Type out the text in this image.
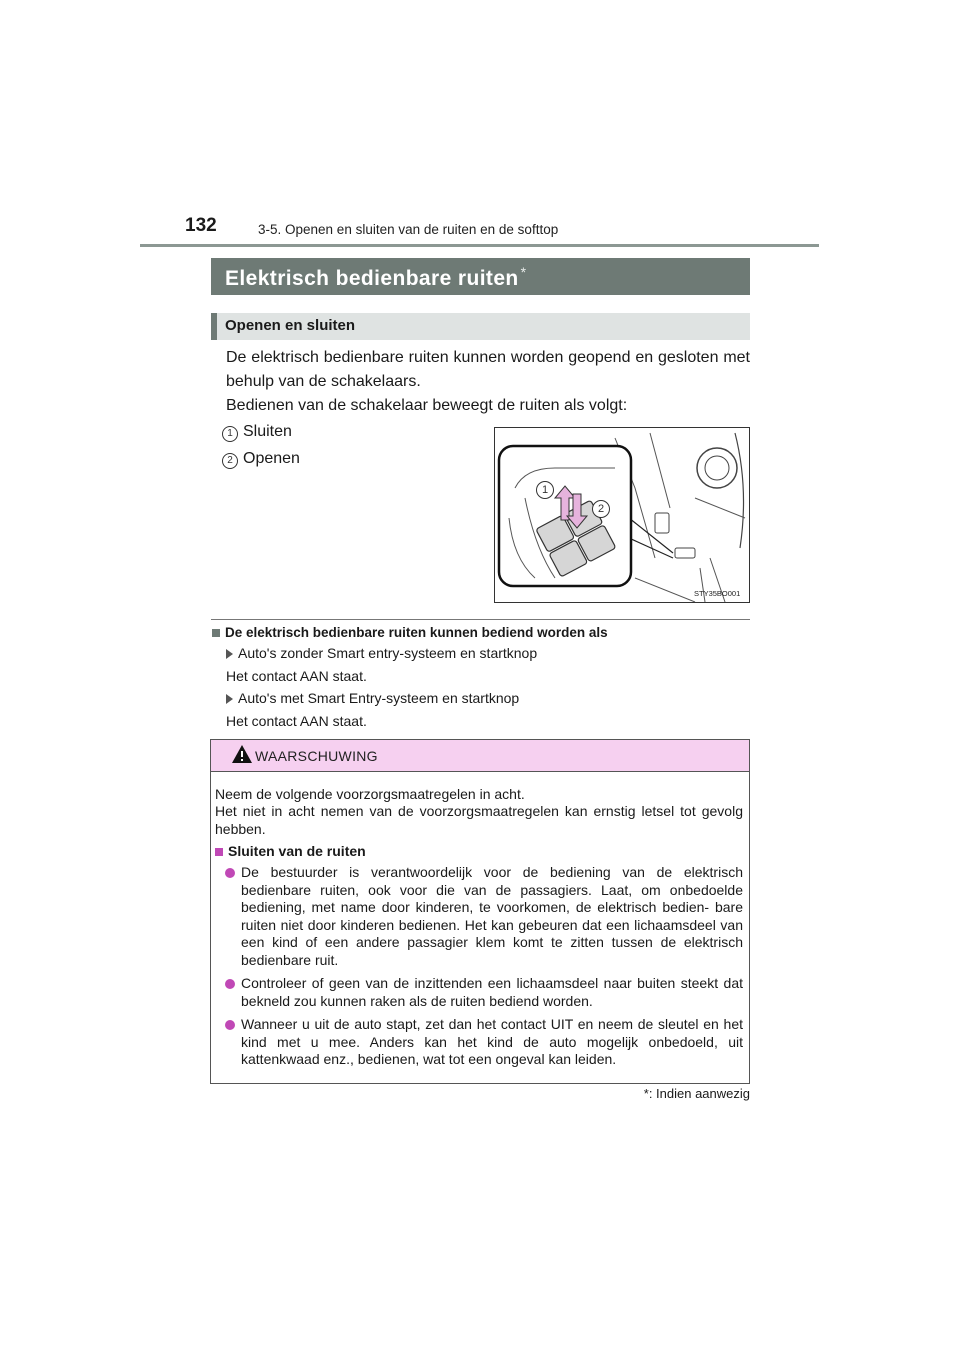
132	3-5. Openen en sluiten van de ruiten en de softtop
Elektrisch bedienbare ruiten *
Openen en sluiten
De elektrisch bedienbare ruiten kunnen worden geopend en gesloten met behulp van de schakelaars.
Bedienen van de schakelaar beweegt de ruiten als volgt:
1 Sluiten
2 Openen
1
2
STY35BO001
De elektrisch bedienbare ruiten kunnen bediend worden als
Auto's zonder Smart entry-systeem en startknop
Het contact AAN staat.
Auto's met Smart Entry-systeem en startknop
Het contact AAN staat.
WAARSCHUWING
Neem de volgende voorzorgsmaatregelen in acht.
Het niet in acht nemen van de voorzorgsmaatregelen kan ernstig letsel tot gevolg hebben.
Sluiten van de ruiten
De bestuurder is verantwoordelijk voor de bediening van de elektrisch bedienbare ruiten, ook voor die van de passagiers. Laat, om onbedoelde bediening, met name door kinderen, te voorkomen, de elektrisch bedien- bare ruiten niet door kinderen bedienen. Het kan gebeuren dat een lichaamsdeel van een kind of een andere passagier klem komt te zitten tussen de elektrisch bedienbare ruit.
Controleer of geen van de inzittenden een lichaamsdeel naar buiten steekt dat bekneld zou kunnen raken als de ruiten bediend worden.
Wanneer u uit de auto stapt, zet dan het contact UIT en neem de sleutel en het kind met u mee. Anders kan het kind de auto mogelijk onbedoeld, uit kattenkwaad enz., bedienen, wat tot een ongeval kan leiden.
*: Indien aanwezig
